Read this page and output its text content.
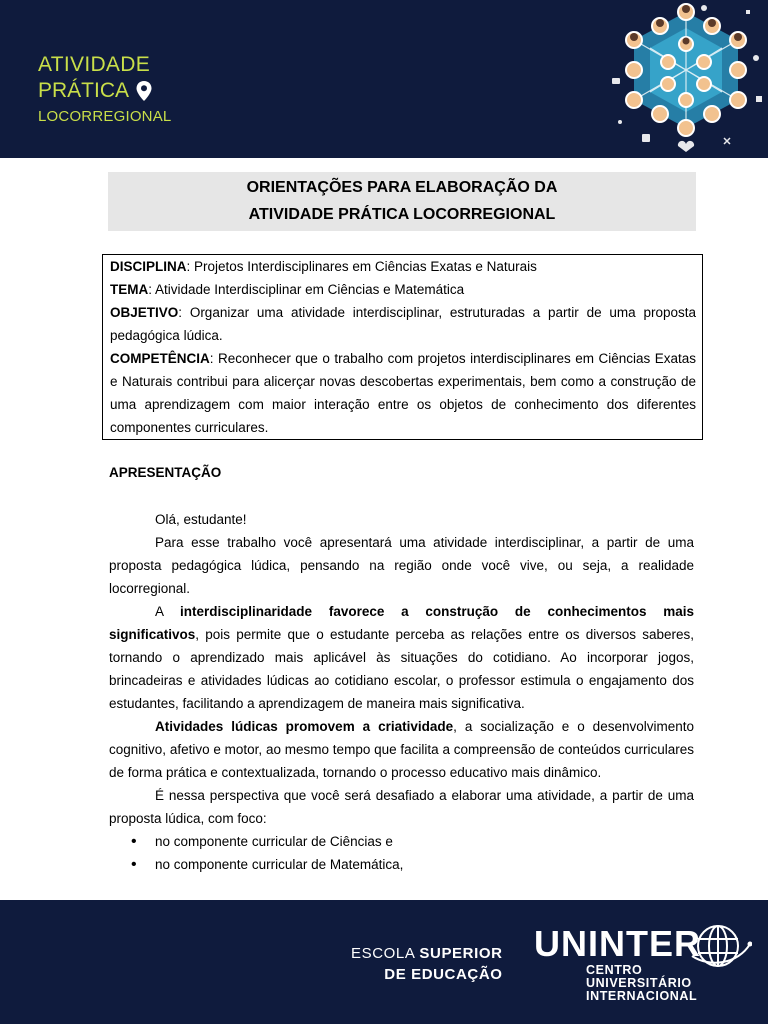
ATIVIDADE
PRÁTICA
LOCORREGIONAL
ORIENTAÇÕES PARA ELABORAÇÃO DA
ATIVIDADE PRÁTICA LOCORREGIONAL

DISCIPLINA: Projetos Interdisciplinares em Ciências Exatas e Naturais

TEMA: Atividade Interdisciplinar em Ciências e Matemática

OBJETIVO: Organizar uma atividade interdisciplinar, estruturadas a partir de uma proposta pedagógica lúdica.

COMPETÊNCIA: Reconhecer que o trabalho com projetos interdisciplinares em Ciências Exatas e Naturais contribui para alicerçar novas descobertas experimentais, bem como a construção de uma aprendizagem com maior interação entre os objetos de conhecimento dos diferentes componentes curriculares.

APRESENTAÇÃO

Olá, estudante!

Para esse trabalho você apresentará uma atividade interdisciplinar, a partir de uma proposta pedagógica lúdica, pensando na região onde você vive, ou seja, a realidade locorregional.

A interdisciplinaridade favorece a construção de conhecimentos mais significativos, pois permite que o estudante perceba as relações entre os diversos saberes, tornando o aprendizado mais aplicável às situações do cotidiano. Ao incorporar jogos, brincadeiras e atividades lúdicas ao cotidiano escolar, o professor estimula o engajamento dos estudantes, facilitando a aprendizagem de maneira mais significativa.

Atividades lúdicas promovem a criatividade, a socialização e o desenvolvimento cognitivo, afetivo e motor, ao mesmo tempo que facilita a compreensão de conteúdos curriculares de forma prática e contextualizada, tornando o processo educativo mais dinâmico.

É nessa perspectiva que você será desafiado a elaborar uma atividade, a partir de uma proposta lúdica, com foco:

• no componente curricular de Ciências e
• no componente curricular de Matemática,
ESCOLA SUPERIOR
DE EDUCAÇÃO
UNINTER
CENTRO
UNIVERSITÁRIO
INTERNACIONAL
